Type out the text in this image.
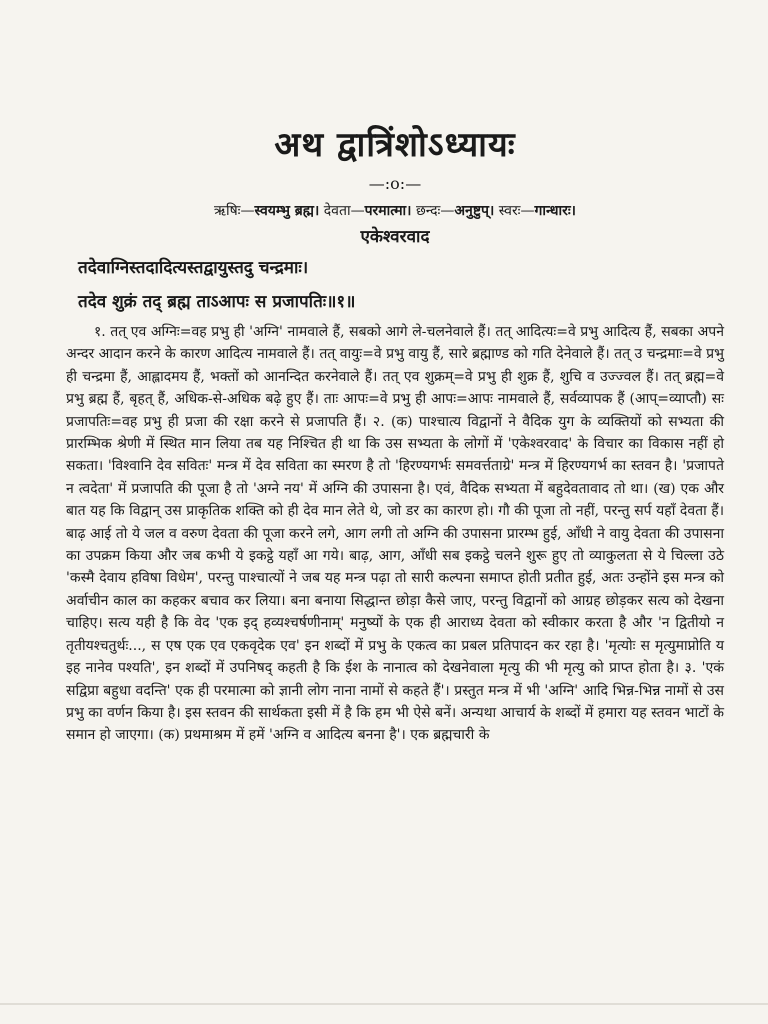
अथ द्वात्रिंशोऽध्यायः
—:o:—

ऋषिः—स्वयम्भु ब्रह्म। देवता—परमात्मा। छन्दः—अनुष्टुप्। स्वरः—गान्धारः।

एकेश्वरवाद
तदेवाग्निस्तदादित्यस्तद्वायुस्तदु चन्द्रमाः।
तदेव शुक्रं तद् ब्रह्म ताऽआपः स प्रजापतिः॥१॥

१. तत् एव अग्निः=वह प्रभु ही 'अग्नि' नामवाले हैं, सबको आगे ले-चलनेवाले हैं। तत् आदित्यः=वे प्रभु आदित्य हैं, सबका अपने अन्दर आदान करने के कारण आदित्य नामवाले हैं। तत् वायुः=वे प्रभु वायु हैं, सारे ब्रह्माण्ड को गति देनेवाले हैं। तत् उ चन्द्रमाः=वे प्रभु ही चन्द्रमा हैं, आह्लादमय हैं, भक्तों को आनन्दित करनेवाले हैं। तत् एव शुक्रम्=वे प्रभु ही शुक्र हैं, शुचि व उज्ज्वल हैं। तत् ब्रह्म=वे प्रभु ब्रह्म हैं, बृहत् हैं, अधिक-से-अधिक बढ़े हुए हैं। ताः आपः=वे प्रभु ही आपः=आपः नामवाले हैं, सर्वव्यापक हैं (आप्=व्याप्तौ) सः प्रजापतिः=वह प्रभु ही प्रजा की रक्षा करने से प्रजापति हैं। २. (क) पाश्चात्य विद्वानों ने वैदिक युग के व्यक्तियों को सभ्यता की प्रारम्भिक श्रेणी में स्थित मान लिया तब यह निश्चित ही था कि उस सभ्यता के लोगों में 'एकेश्वरवाद' के विचार का विकास नहीं हो सकता। 'विश्वानि देव सवितः' मन्त्र में देव सविता का स्मरण है तो 'हिरण्यगर्भः समवर्त्तताग्रे' मन्त्र में हिरण्यगर्भ का स्तवन है। 'प्रजापते न त्वदेता' में प्रजापति की पूजा है तो 'अग्ने नय' में अग्नि की उपासना है। एवं, वैदिक सभ्यता में बहुदेवतावाद तो था। (ख) एक और बात यह कि विद्वान् उस प्राकृतिक शक्ति को ही देव मान लेते थे, जो डर का कारण हो। गौ की पूजा तो नहीं, परन्तु सर्प यहाँ देवता हैं। बाढ़ आई तो ये जल व वरुण देवता की पूजा करने लगे, आग लगी तो अग्नि की उपासना प्रारम्भ हुई, आँधी ने वायु देवता की उपासना का उपक्रम किया और जब कभी ये इकट्ठे यहाँ आ गये। बाढ़, आग, आँधी सब इकट्ठे चलने शुरू हुए तो व्याकुलता से ये चिल्ला उठे 'कस्मै देवाय हविषा विधेम', परन्तु पाश्चात्यों ने जब यह मन्त्र पढ़ा तो सारी कल्पना समाप्त होती प्रतीत हुई, अतः उन्होंने इस मन्त्र को अर्वाचीन काल का कहकर बचाव कर लिया। बना बनाया सिद्धान्त छोड़ा कैसे जाए, परन्तु विद्वानों को आग्रह छोड़कर सत्य को देखना चाहिए। सत्य यही है कि वेद 'एक इद् हव्यश्चर्षणीनाम्' मनुष्यों के एक ही आराध्य देवता को स्वीकार करता है और 'न द्वितीयो न तृतीयश्चतुर्थः..., स एष एक एव एकवृदेक एव' इन शब्दों में प्रभु के एकत्व का प्रबल प्रतिपादन कर रहा है। 'मृत्योः स मृत्युमाप्नोति य इह नानेव पश्यति', इन शब्दों में उपनिषद् कहती है कि ईश के नानात्व को देखनेवाला मृत्यु की भी मृत्यु को प्राप्त होता है। ३. 'एकं सद्विप्रा बहुधा वदन्ति' एक ही परमात्मा को ज्ञानी लोग नाना नामों से कहते हैं'। प्रस्तुत मन्त्र में भी 'अग्नि' आदि भिन्न-भिन्न नामों से उस प्रभु का वर्णन किया है। इस स्तवन की सार्थकता इसी में है कि हम भी ऐसे बनें। अन्यथा आचार्य के शब्दों में हमारा यह स्तवन भाटों के समान हो जाएगा। (क) प्रथमाश्रम में हमें 'अग्नि व आदित्य बनना है'। एक ब्रह्मचारी के
